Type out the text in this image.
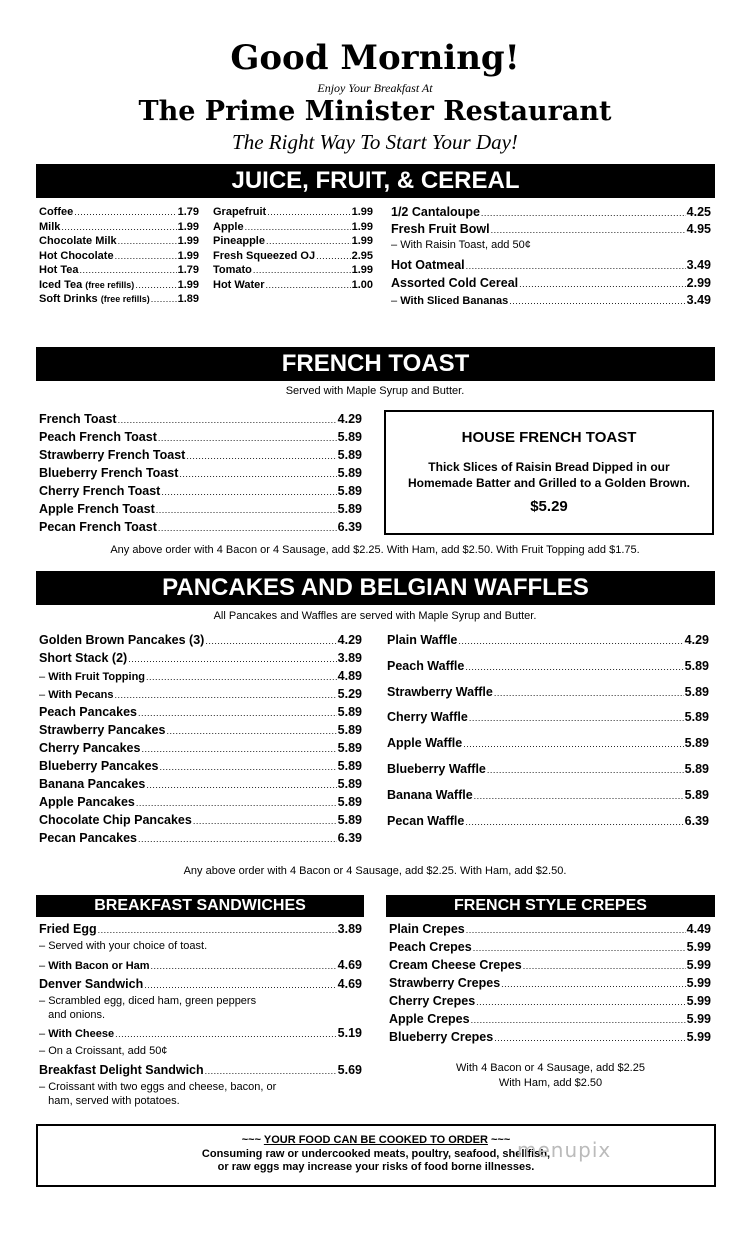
Good Morning!
Enjoy Your Breakfast At
The Prime Minister Restaurant
The Right Way To Start Your Day!
JUICE, FRUIT, & CEREAL
Coffee .....	1.79
Milk .....	1.99
Chocolate Milk .....	1.99
Hot Chocolate .....	1.99
Hot Tea .....	1.79
Iced Tea (free refills) .....	1.99
Soft Drinks (free refills) .....	1.89
Grapefruit .....	1.99
Apple .....	1.99
Pineapple .....	1.99
Fresh Squeezed OJ .....	2.95
Tomato .....	1.99
Hot Water .....	1.00
1/2 Cantaloupe .....	4.25
Fresh Fruit Bowl .....	4.95
– With Raisin Toast, add 50¢
Hot Oatmeal .....	3.49
Assorted Cold Cereal .....	2.99
– With Sliced Bananas .....	3.49
FRENCH TOAST
Served with Maple Syrup and Butter.
French Toast .....	4.29
Peach French Toast .....	5.89
Strawberry French Toast .....	5.89
Blueberry French Toast .....	5.89
Cherry French Toast .....	5.89
Apple French Toast .....	5.89
Pecan French Toast .....	6.39
HOUSE FRENCH TOAST
Thick Slices of Raisin Bread Dipped in our
Homemade Batter and Grilled to a Golden Brown.
$5.29
Any above order with 4 Bacon or 4 Sausage, add $2.25. With Ham, add $2.50. With Fruit Topping add $1.75.
PANCAKES AND BELGIAN WAFFLES
All Pancakes and Waffles are served with Maple Syrup and Butter.
Golden Brown Pancakes (3) .....	4.29
Short Stack (2) .....	3.89
– With Fruit Topping .....	4.89
– With Pecans .....	5.29
Peach Pancakes .....	5.89
Strawberry Pancakes .....	5.89
Cherry Pancakes .....	5.89
Blueberry Pancakes .....	5.89
Banana Pancakes .....	5.89
Apple Pancakes .....	5.89
Chocolate Chip Pancakes .....	5.89
Pecan Pancakes .....	6.39
Plain Waffle .....	4.29
Peach Waffle .....	5.89
Strawberry Waffle .....	5.89
Cherry Waffle .....	5.89
Apple Waffle .....	5.89
Blueberry Waffle .....	5.89
Banana Waffle .....	5.89
Pecan Waffle .....	6.39
Any above order with 4 Bacon or 4 Sausage, add $2.25. With Ham, add $2.50.
BREAKFAST SANDWICHES
Fried Egg .....	3.89
– Served with your choice of toast.
– With Bacon or Ham .....	4.69
Denver Sandwich .....	4.69
– Scrambled egg, diced ham, green peppers
and onions.
– With Cheese .....	5.19
– On a Croissant, add 50¢
Breakfast Delight Sandwich .....	5.69
– Croissant with two eggs and cheese, bacon, or
ham, served with potatoes.
FRENCH STYLE CREPES
Plain Crepes .....	4.49
Peach Crepes .....	5.99
Cream Cheese Crepes .....	5.99
Strawberry Crepes .....	5.99
Cherry Crepes .....	5.99
Apple Crepes .....	5.99
Blueberry Crepes .....	5.99
With 4 Bacon or 4 Sausage, add $2.25
With Ham, add $2.50
~~~ YOUR FOOD CAN BE COOKED TO ORDER ~~~
Consuming raw or undercooked meats, poultry, seafood, shellfish,
or raw eggs may increase your risks of food borne illnesses.
menupix
